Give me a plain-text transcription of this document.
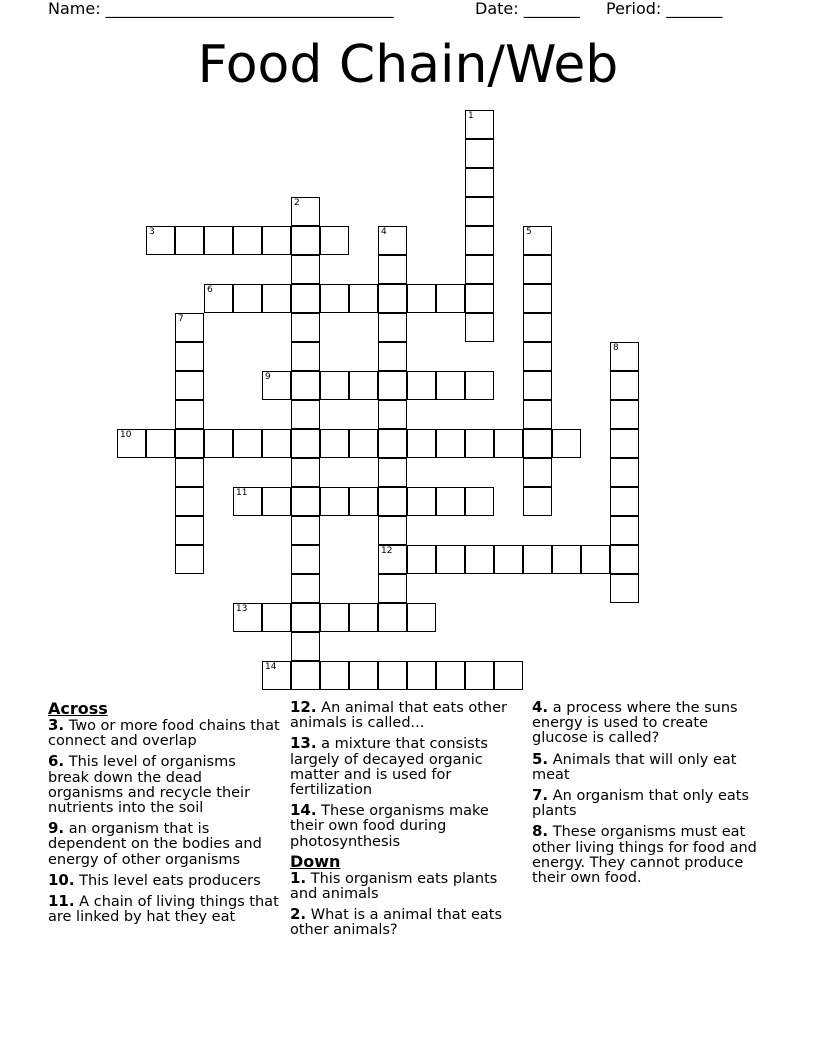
Name: ____________________________________	Date: _______ Period: _______
Food Chain/Web
1
2
3	4
12
5
6
7
8
9
10
11
13
14
Across
3. Two or more food chains that connect and overlap
6. This level of organisms break down the dead organisms and recycle their nutrients into the soil
9. an organism that is dependent on the bodies and energy of other organisms
10. This level eats producers
11. A chain of living things that are linked by hat they eat
12. An animal that eats other animals is called...
13. a mixture that consists largely of decayed organic matter and is used for fertilization
14. These organisms make their own food during photosynthesis
Down
1. This organism eats plants and animals
2. What is a animal that eats other animals?
4. a process where the suns energy is used to create glucose is called?
5. Animals that will only eat meat
7. An organism that only eats plants
8. These organisms must eat other living things for food and energy. They cannot produce their own food.
